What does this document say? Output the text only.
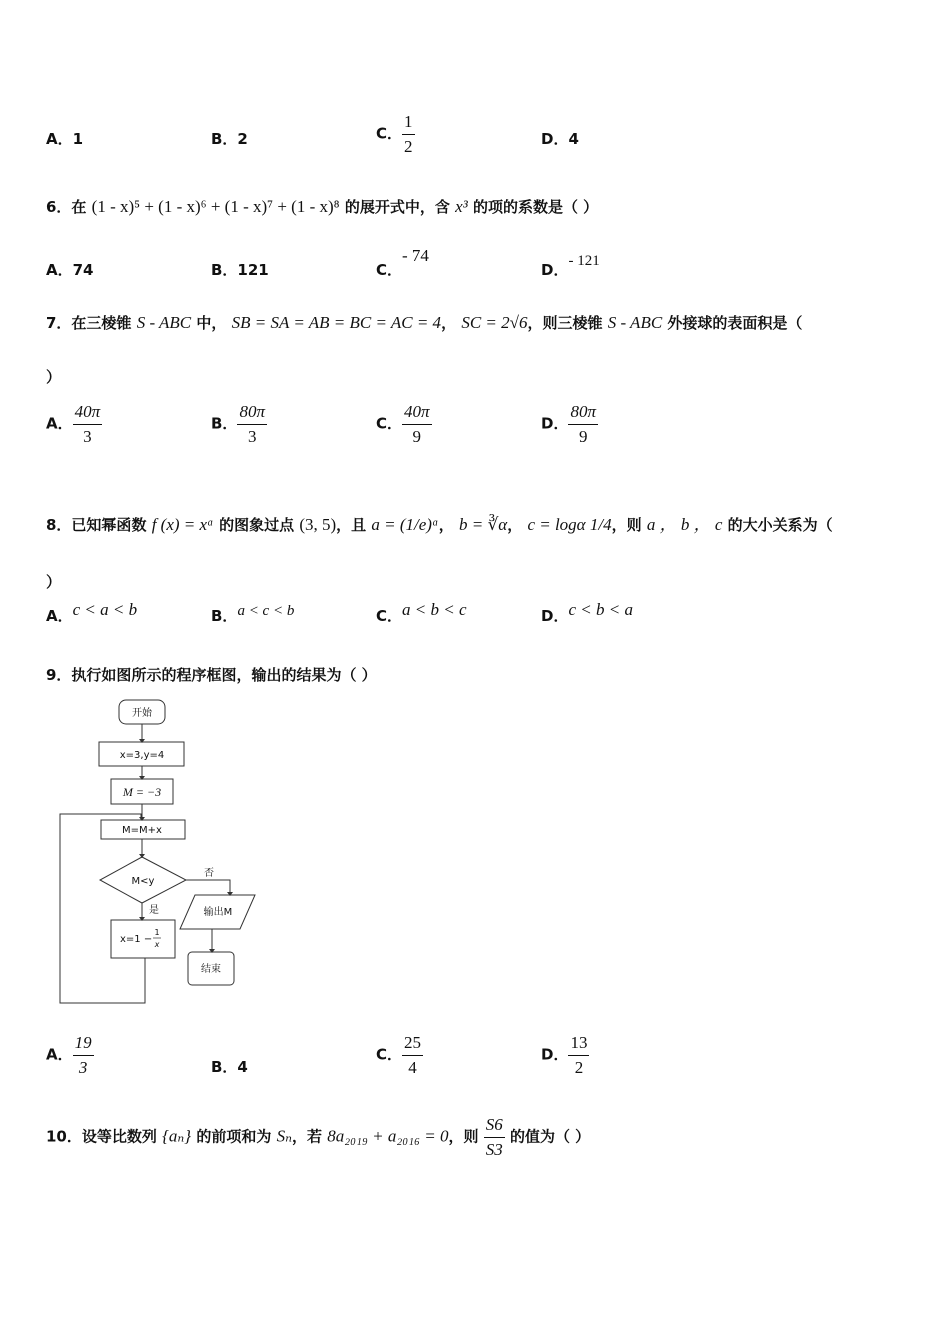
A．1	B．2	C． $\frac{1}{2}$	D．4
6．在 (1 - x)⁵ + (1 - x)⁶ + (1 - x)⁷ + (1 - x)⁸ 的展开式中，含 x³ 的项的系数是（ ）
A．74	B．121	C．- 74
D．- 121
7．在三棱锥 S - ABC 中， SB = SA = AB = BC = AC = 4， SC = 2√6，则三棱锥 S - ABC 外接球的表面积是（
）
A． $\frac{40\pi}{3}$	B． $\frac{80\pi}{3}$	C． $\frac{40\pi}{9}$	D． $\frac{80\pi}{9}$
8．已知幂函数 f (x) = xᵅ 的图象过点 (3, 5)，且 a = (1/e)ᵅ， b = ∛α， c = logα 1/4，则 a ， b ， c 的大小关系为（
）
A．c < a < b	B．a < c < b	C．a < b < c	D．c < b < a
9．执行如图所示的程序框图，输出的结果为（ ）
开始
x=3,y=4
M = −3
M=M+x
M<y
否
是	输出M
结束
x=1 −
1
x
A． $\frac{19}{3}$	B．4
C． $\frac{25}{4}$	D． $\frac{13}{2}$
10．设等比数列 {aₙ} 的前项和为 Sₙ，若 8a₂₀₁₉ + a₂₀₁₆ = 0，则 $\frac{S6}{S3}$ 的值为（ ）
